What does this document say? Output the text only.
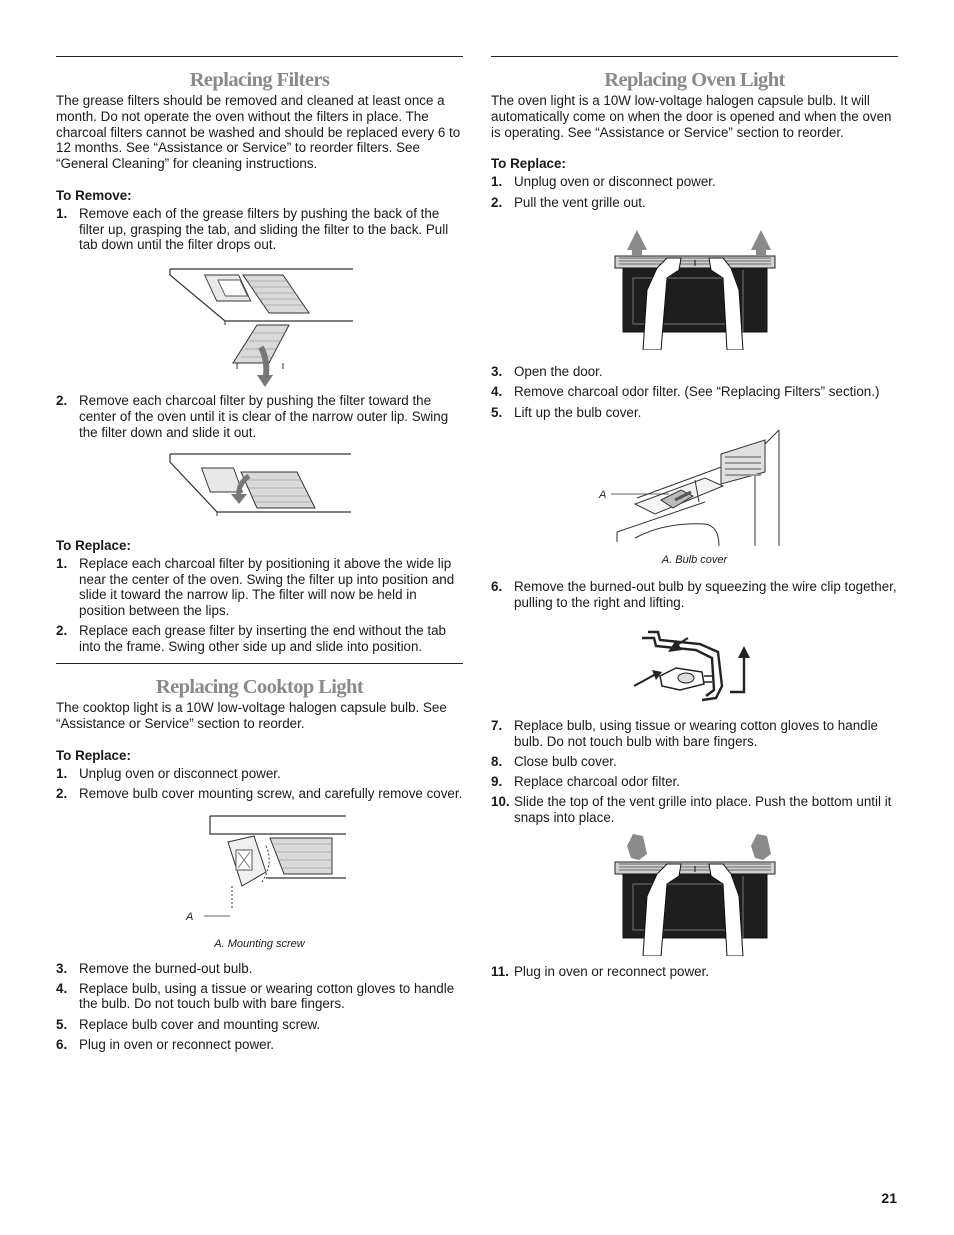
Replacing Filters

The grease filters should be removed and cleaned at least once a month. Do not operate the oven without the filters in place. The charcoal filters cannot be washed and should be replaced every 6 to 12 months. See “Assistance or Service” to reorder filters. See “General Cleaning” for cleaning instructions.

To Remove:
1. Remove each of the grease filters by pushing the back of the filter up, grasping the tab, and sliding the filter to the back. Pull tab down until the filter drops out.
2. Remove each charcoal filter by pushing the filter toward the center of the oven until it is clear of the narrow outer lip. Swing the filter down and slide it out.
To Replace:
1. Replace each charcoal filter by positioning it above the wide lip near the center of the oven. Swing the filter up into position and slide it toward the narrow lip. The filter will now be held in position between the lips.
2. Replace each grease filter by inserting the end without the tab into the frame. Swing other side up and slide into position.
Replacing Cooktop Light

The cooktop light is a 10W low-voltage halogen capsule bulb. See “Assistance or Service” section to reorder.

To Replace:
1. Unplug oven or disconnect power.
2. Remove bulb cover mounting screw, and carefully remove cover.
A

A. Mounting screw

3. Remove the burned-out bulb.
4. Replace bulb, using a tissue or wearing cotton gloves to handle the bulb. Do not touch bulb with bare fingers.
5. Replace bulb cover and mounting screw.
6. Plug in oven or reconnect power.
Replacing Oven Light

The oven light is a 10W low-voltage halogen capsule bulb. It will automatically come on when the door is opened and when the oven is operating. See “Assistance or Service” section to reorder.

To Replace:
1. Unplug oven or disconnect power.
2. Pull the vent grille out.
3. Open the door.
4. Remove charcoal odor filter. (See “Replacing Filters” section.)
5. Lift up the bulb cover.
A

A. Bulb cover

6. Remove the burned-out bulb by squeezing the wire clip together, pulling to the right and lifting.
7. Replace bulb, using tissue or wearing cotton gloves to handle bulb. Do not touch bulb with bare fingers.
8. Close bulb cover.
9. Replace charcoal odor filter.
10. Slide the top of the vent grille into place. Push the bottom until it snaps into place.
11. Plug in oven or reconnect power.
21
